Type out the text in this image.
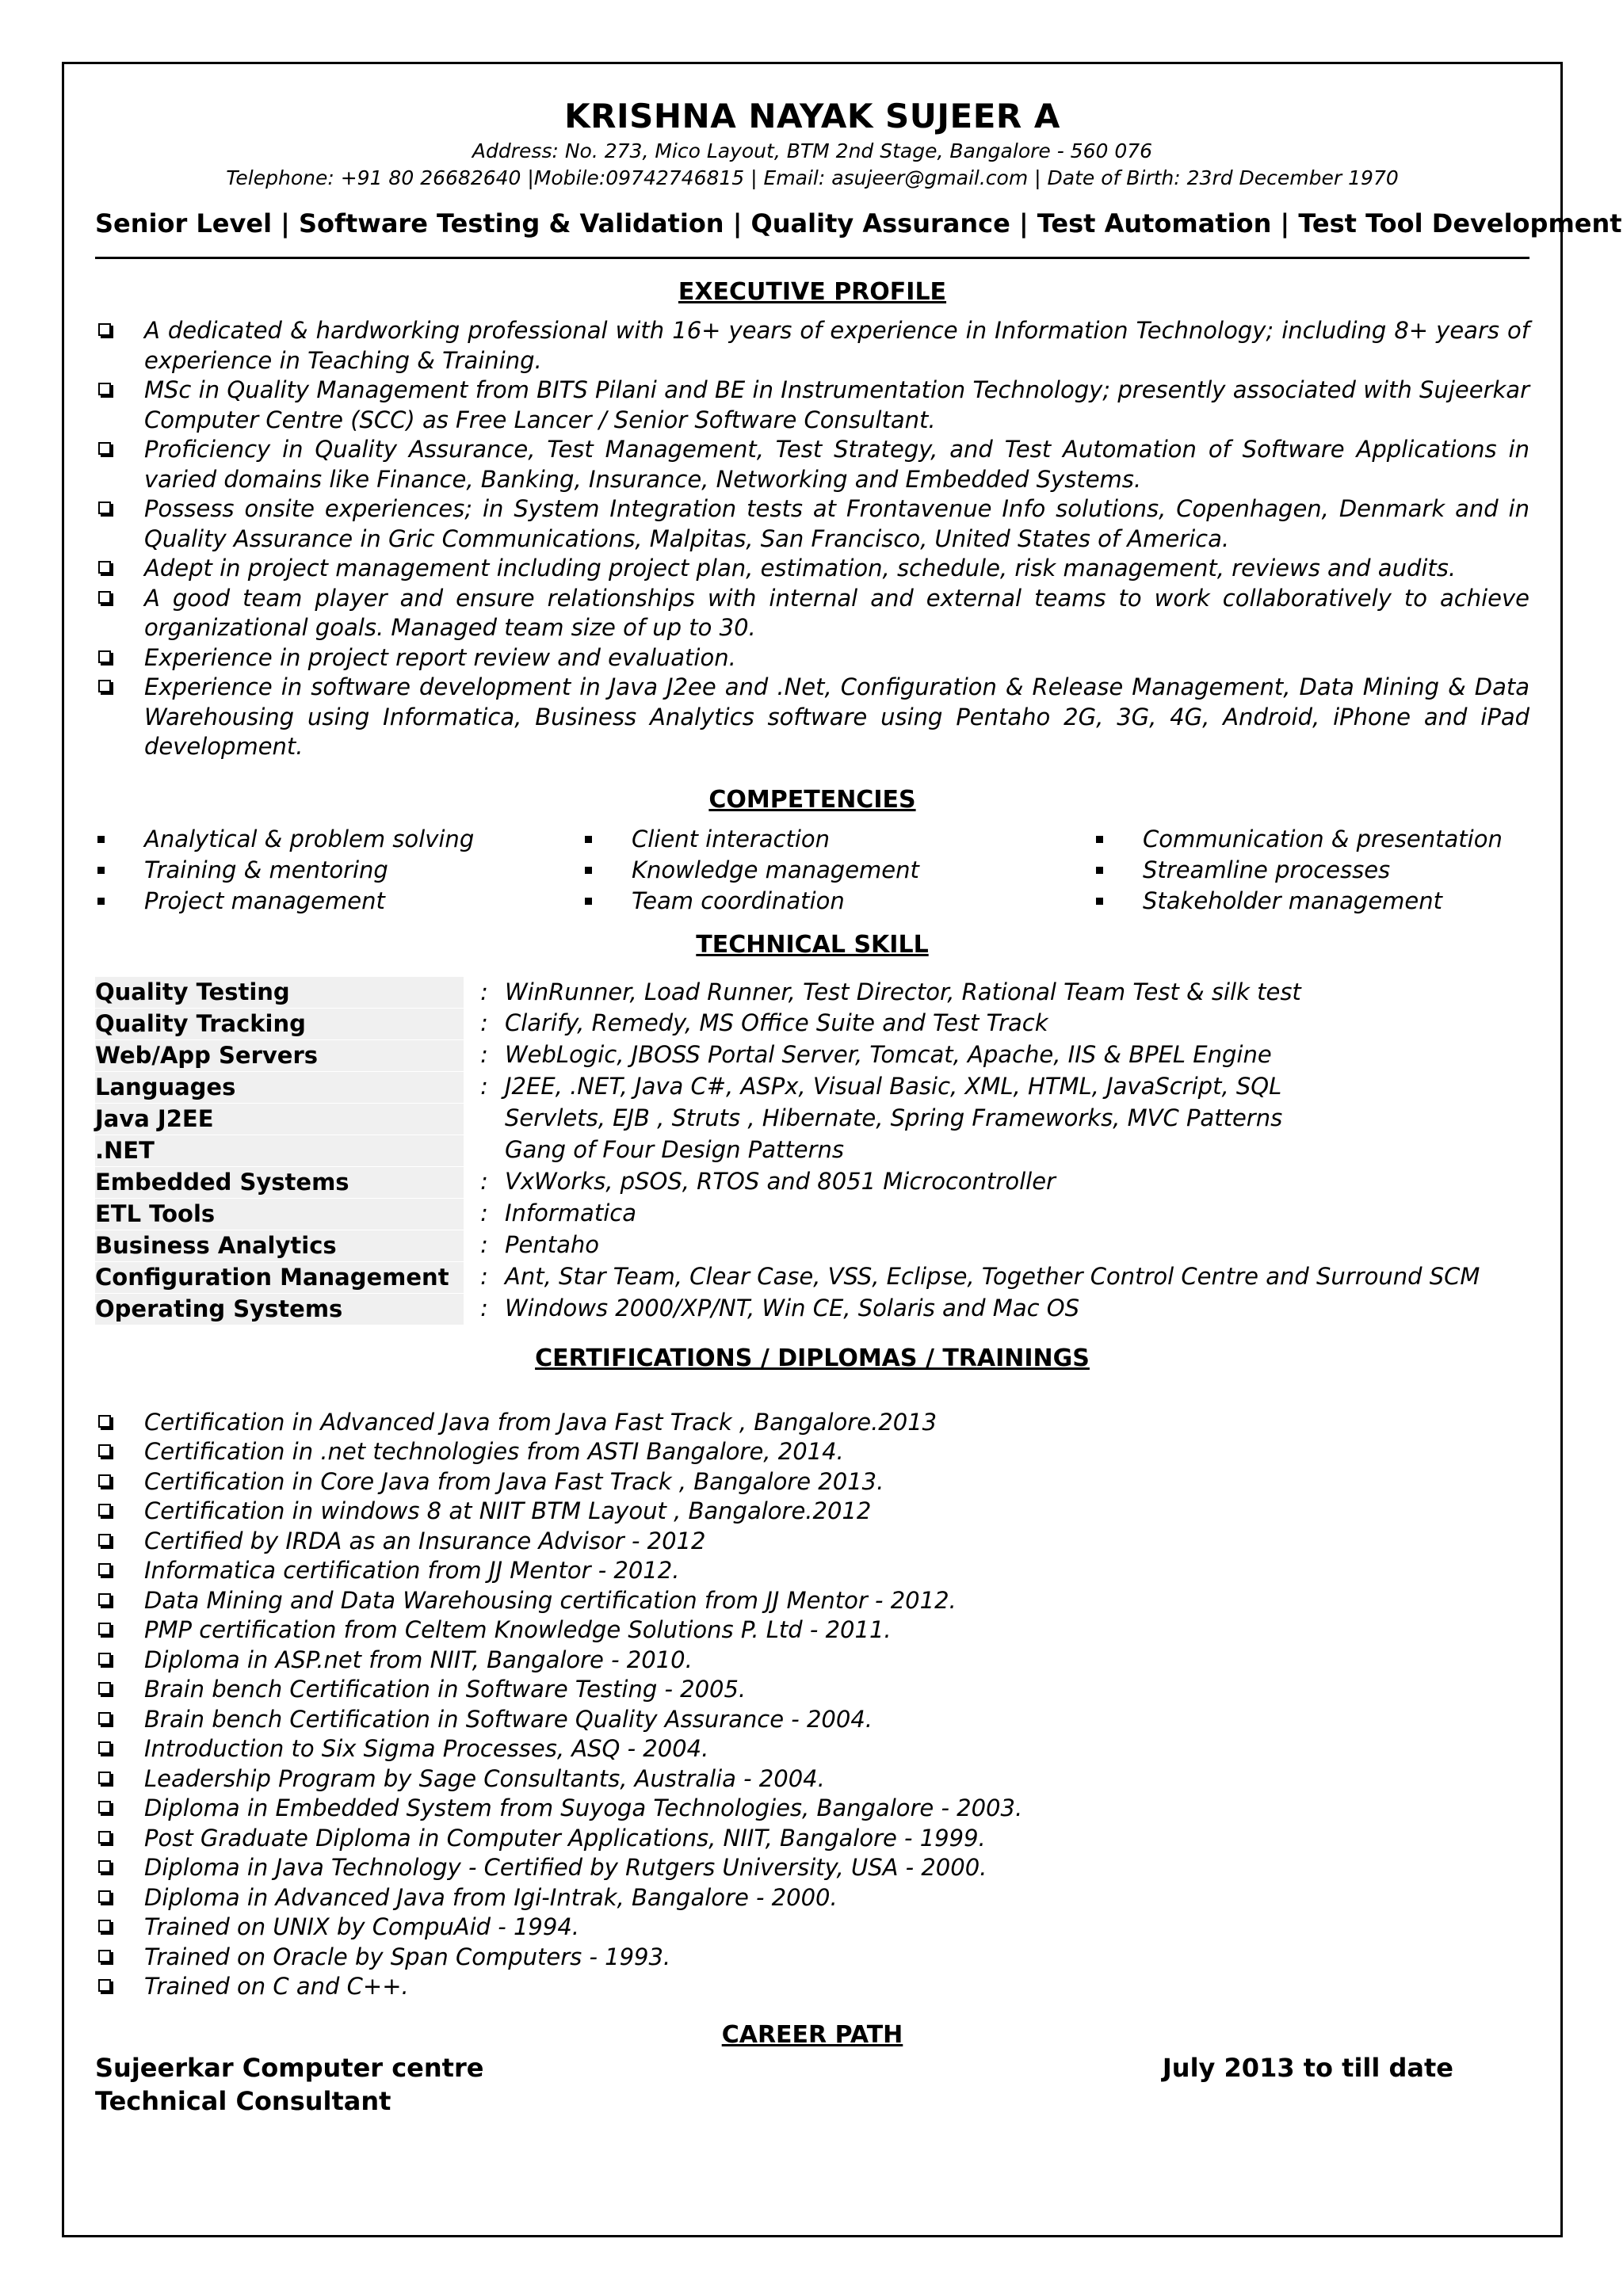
KRISHNA NAYAK SUJEER A
Address: No. 273, Mico Layout, BTM 2nd Stage, Bangalore - 560 076
Telephone: +91 80 26682640 |Mobile:09742746815 | Email: asujeer@gmail.com | Date of Birth: 23rd December 1970
Senior Level | Software Testing & Validation | Quality Assurance | Test Automation | Test Tool Development
EXECUTIVE PROFILE
A dedicated & hardworking professional with 16+ years of experience in Information Technology; including 8+ years of experience in Teaching & Training.
MSc in Quality Management from BITS Pilani and BE in Instrumentation Technology; presently associated with Sujeerkar Computer Centre (SCC) as Free Lancer / Senior Software Consultant.
Proficiency in Quality Assurance, Test Management, Test Strategy, and Test Automation of Software Applications in varied domains like Finance, Banking, Insurance, Networking and Embedded Systems.
Possess onsite experiences; in System Integration tests at Frontavenue Info solutions, Copenhagen, Denmark and in Quality Assurance in Gric Communications, Malpitas, San Francisco, United States of America.
Adept in project management including project plan, estimation, schedule, risk management, reviews and audits.
A good team player and ensure relationships with internal and external teams to work collaboratively to achieve organizational goals. Managed team size of up to 30.
Experience in project report review and evaluation.
Experience in software development in Java J2ee and .Net, Configuration & Release Management, Data Mining & Data Warehousing using Informatica, Business Analytics software using Pentaho 2G, 3G, 4G, Android, iPhone and iPad development.
COMPETENCIES
Analytical & problem solving	Client interaction	Communication & presentation
Training & mentoring	Knowledge management	Streamline processes
Project management	Team coordination	Stakeholder management
TECHNICAL SKILL
Quality Testing	:	WinRunner, Load Runner, Test Director, Rational Team Test & silk test
Quality Tracking	:	Clarify, Remedy, MS Office Suite and Test Track
Web/App Servers	:	WebLogic, JBOSS Portal Server, Tomcat, Apache, IIS & BPEL Engine
Languages	:	J2EE, .NET, Java C#, ASPx, Visual Basic, XML, HTML, JavaScript, SQL
Java J2EE		Servlets, EJB , Struts , Hibernate, Spring Frameworks, MVC Patterns
.NET		Gang of Four Design Patterns
Embedded Systems	:	VxWorks, pSOS, RTOS and 8051 Microcontroller
ETL Tools	:	Informatica
Business Analytics	:	Pentaho
Configuration Management	:	Ant, Star Team, Clear Case, VSS, Eclipse, Together Control Centre and Surround SCM
Operating Systems	:	Windows 2000/XP/NT, Win CE, Solaris and Mac OS
CERTIFICATIONS / DIPLOMAS / TRAININGS
Certification in Advanced Java from Java Fast Track , Bangalore.2013
Certification in .net technologies from ASTI Bangalore, 2014.
Certification in Core Java from Java Fast Track , Bangalore 2013.
Certification in windows 8 at NIIT BTM Layout , Bangalore.2012
Certified by IRDA as an Insurance Advisor - 2012
Informatica certification from JJ Mentor - 2012.
Data Mining and Data Warehousing certification from JJ Mentor - 2012.
PMP certification from Celtem Knowledge Solutions P. Ltd - 2011.
Diploma in ASP.net from NIIT, Bangalore - 2010.
Brain bench Certification in Software Testing - 2005.
Brain bench Certification in Software Quality Assurance - 2004.
Introduction to Six Sigma Processes, ASQ - 2004.
Leadership Program by Sage Consultants, Australia - 2004.
Diploma in Embedded System from Suyoga Technologies, Bangalore - 2003.
Post Graduate Diploma in Computer Applications, NIIT, Bangalore - 1999.
Diploma in Java Technology - Certified by Rutgers University, USA - 2000.
Diploma in Advanced Java from Igi-Intrak, Bangalore - 2000.
Trained on UNIX by CompuAid - 1994.
Trained on Oracle by Span Computers - 1993.
Trained on C and C++.
CAREER PATH
Sujeerkar Computer centre	July 2013 to till date
Technical Consultant
